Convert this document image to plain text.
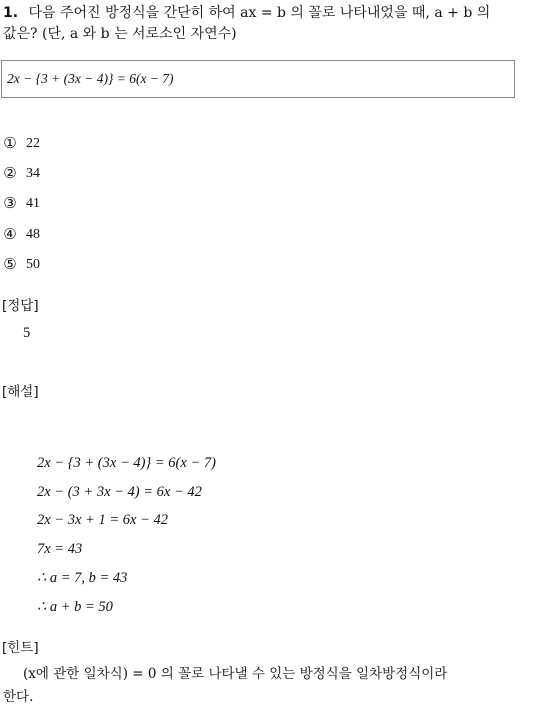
1. 다음 주어진 방정식을 간단히 하여 ax = b 의 꼴로 나타내었을 때, a + b 의
값은? (단, a 와 b 는 서로소인 자연수)
2x − {3 + (3x − 4)} = 6(x − 7)
① 22
② 34
③ 41
④ 48
⑤ 50
[정답]
5
[해설]
2x − {3 + (3x − 4)} = 6(x − 7)
2x − (3 + 3x − 4) = 6x − 42
2x − 3x + 1 = 6x − 42
7x = 43
∴ a = 7, b = 43
∴ a + b = 50
[힌트]
(x에 관한 일차식) = 0 의 꼴로 나타낼 수 있는 방정식을 일차방정식이라
한다.
